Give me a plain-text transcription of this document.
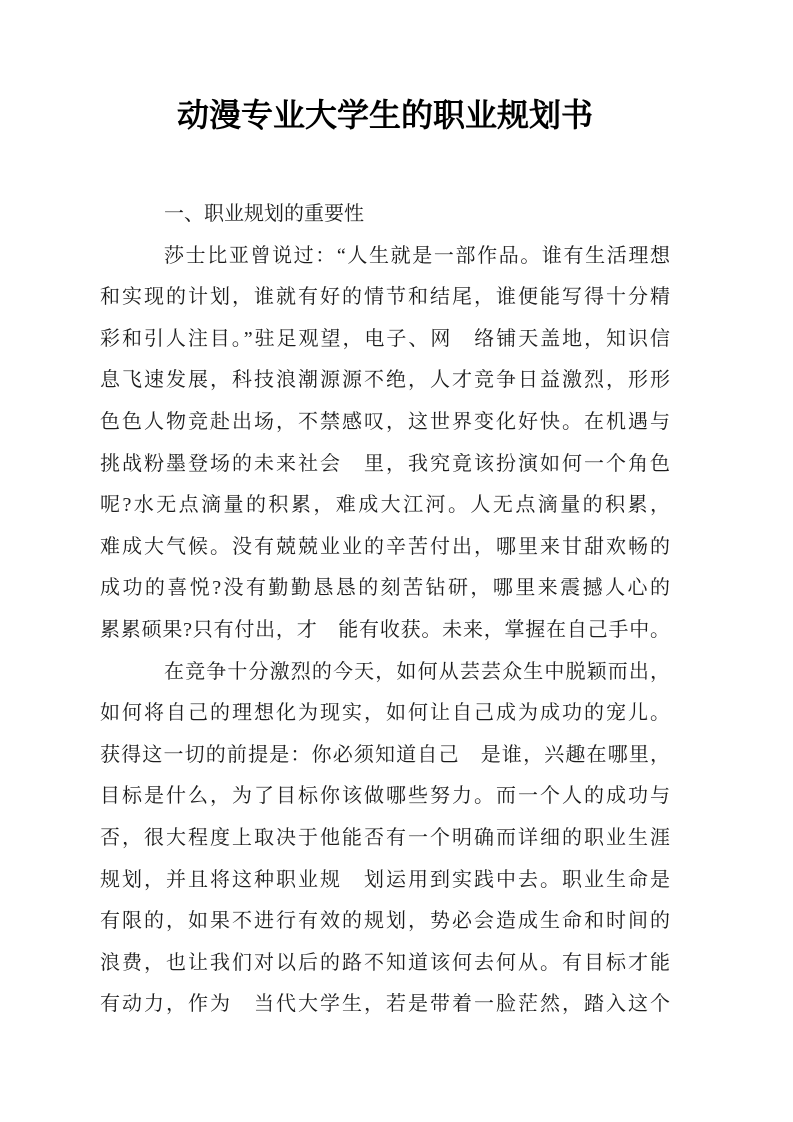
动漫专业大学生的职业规划书
一、职业规划的重要性
莎士比亚曾说过：“人生就是一部作品。谁有生活理想
和实现的计划，谁就有好的情节和结尾，谁便能写得十分精
彩和引人注目。”驻足观望，电子、网　络铺天盖地，知识信
息飞速发展，科技浪潮源源不绝，人才竞争日益激烈，形形
色色人物竞赴出场，不禁感叹，这世界变化好快。在机遇与
挑战粉墨登场的未来社会　里，我究竟该扮演如何一个角色
呢?水无点滴量的积累，难成大江河。人无点滴量的积累，
难成大气候。没有兢兢业业的辛苦付出，哪里来甘甜欢畅的
成功的喜悦?没有勤勤恳恳的刻苦钻研，哪里来震撼人心的
累累硕果?只有付出，才　能有收获。未来，掌握在自己手中。
在竞争十分激烈的今天，如何从芸芸众生中脱颖而出，
如何将自己的理想化为现实，如何让自己成为成功的宠儿。
获得这一切的前提是：你必须知道自己　是谁，兴趣在哪里，
目标是什么，为了目标你该做哪些努力。而一个人的成功与
否，很大程度上取决于他能否有一个明确而详细的职业生涯
规划，并且将这种职业规　划运用到实践中去。职业生命是
有限的，如果不进行有效的规划，势必会造成生命和时间的
浪费，也让我们对以后的路不知道该何去何从。有目标才能
有动力，作为　当代大学生，若是带着一脸茫然，踏入这个
